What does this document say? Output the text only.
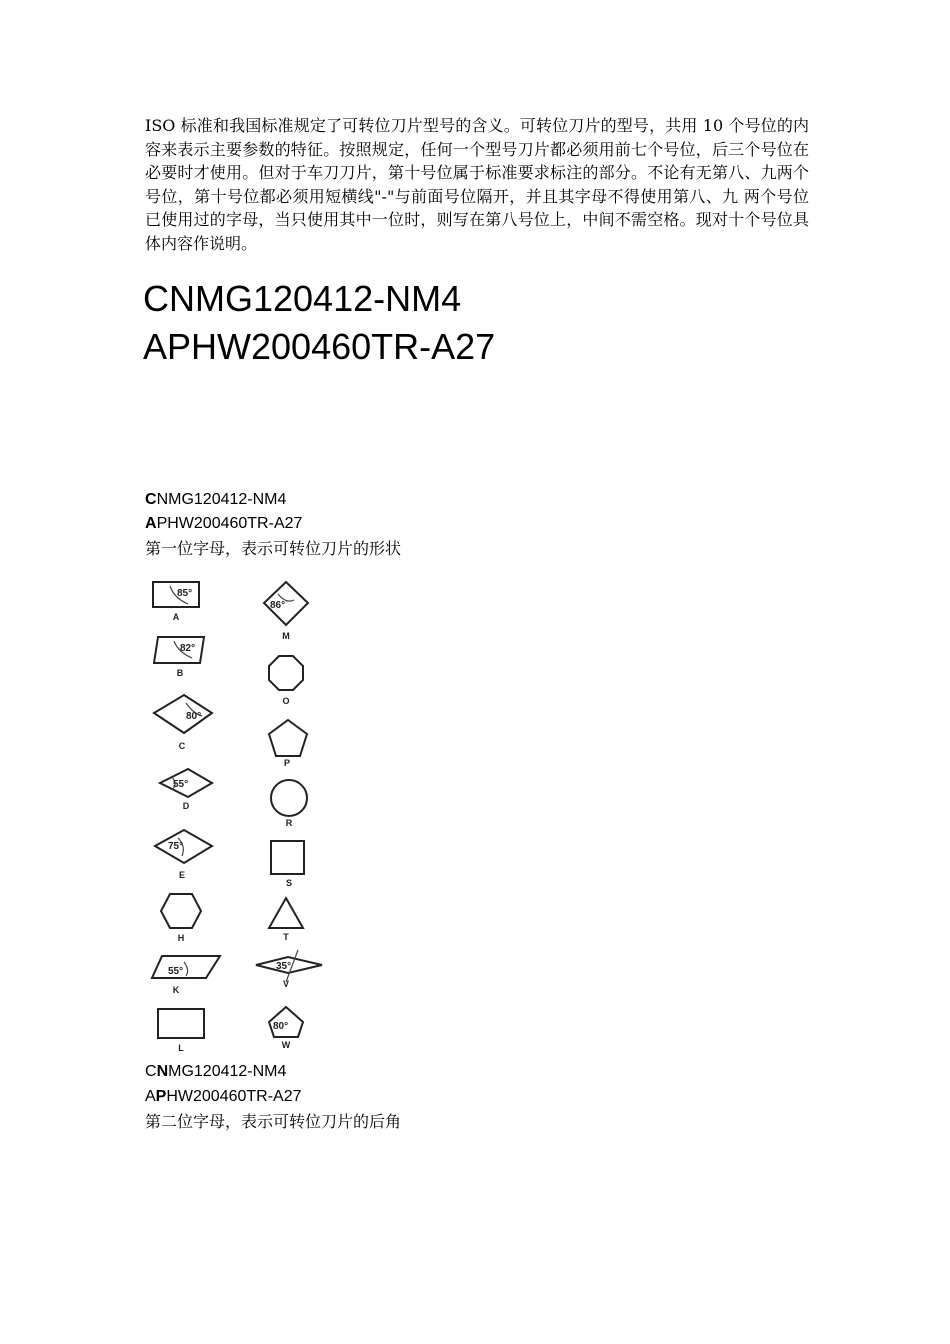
ISO 标准和我国标准规定了可转位刀片型号的含义。可转位刀片的型号，共用 10 个号位的内容来表示主要参数的特征。按照规定，任何一个型号刀片都必须用前七个号位，后三个号位在必要时才使用。但对于车刀刀片，第十号位属于标准要求标注的部分。不论有无第八、九两个号位，第十号位都必须用短横线"-"与前面号位隔开，并且其字母不得使用第八、九 两个号位已使用过的字母，当只使用其中一位时，则写在第八号位上，中间不需空格。现对十个号位具体内容作说明。

CNMG120412-NM4

APHW200460TR-A27

CNMG120412-NM4

APHW200460TR-A27

第一位字母，表示可转位刀片的形状

85°
A
82°
B
80°
C
55°
D
75°
E
H
55°
K
L
86°
M
O
P
R
S
T
35°
V
80°
W

CNMG120412-NM4

APHW200460TR-A27

第二位字母，表示可转位刀片的后角
